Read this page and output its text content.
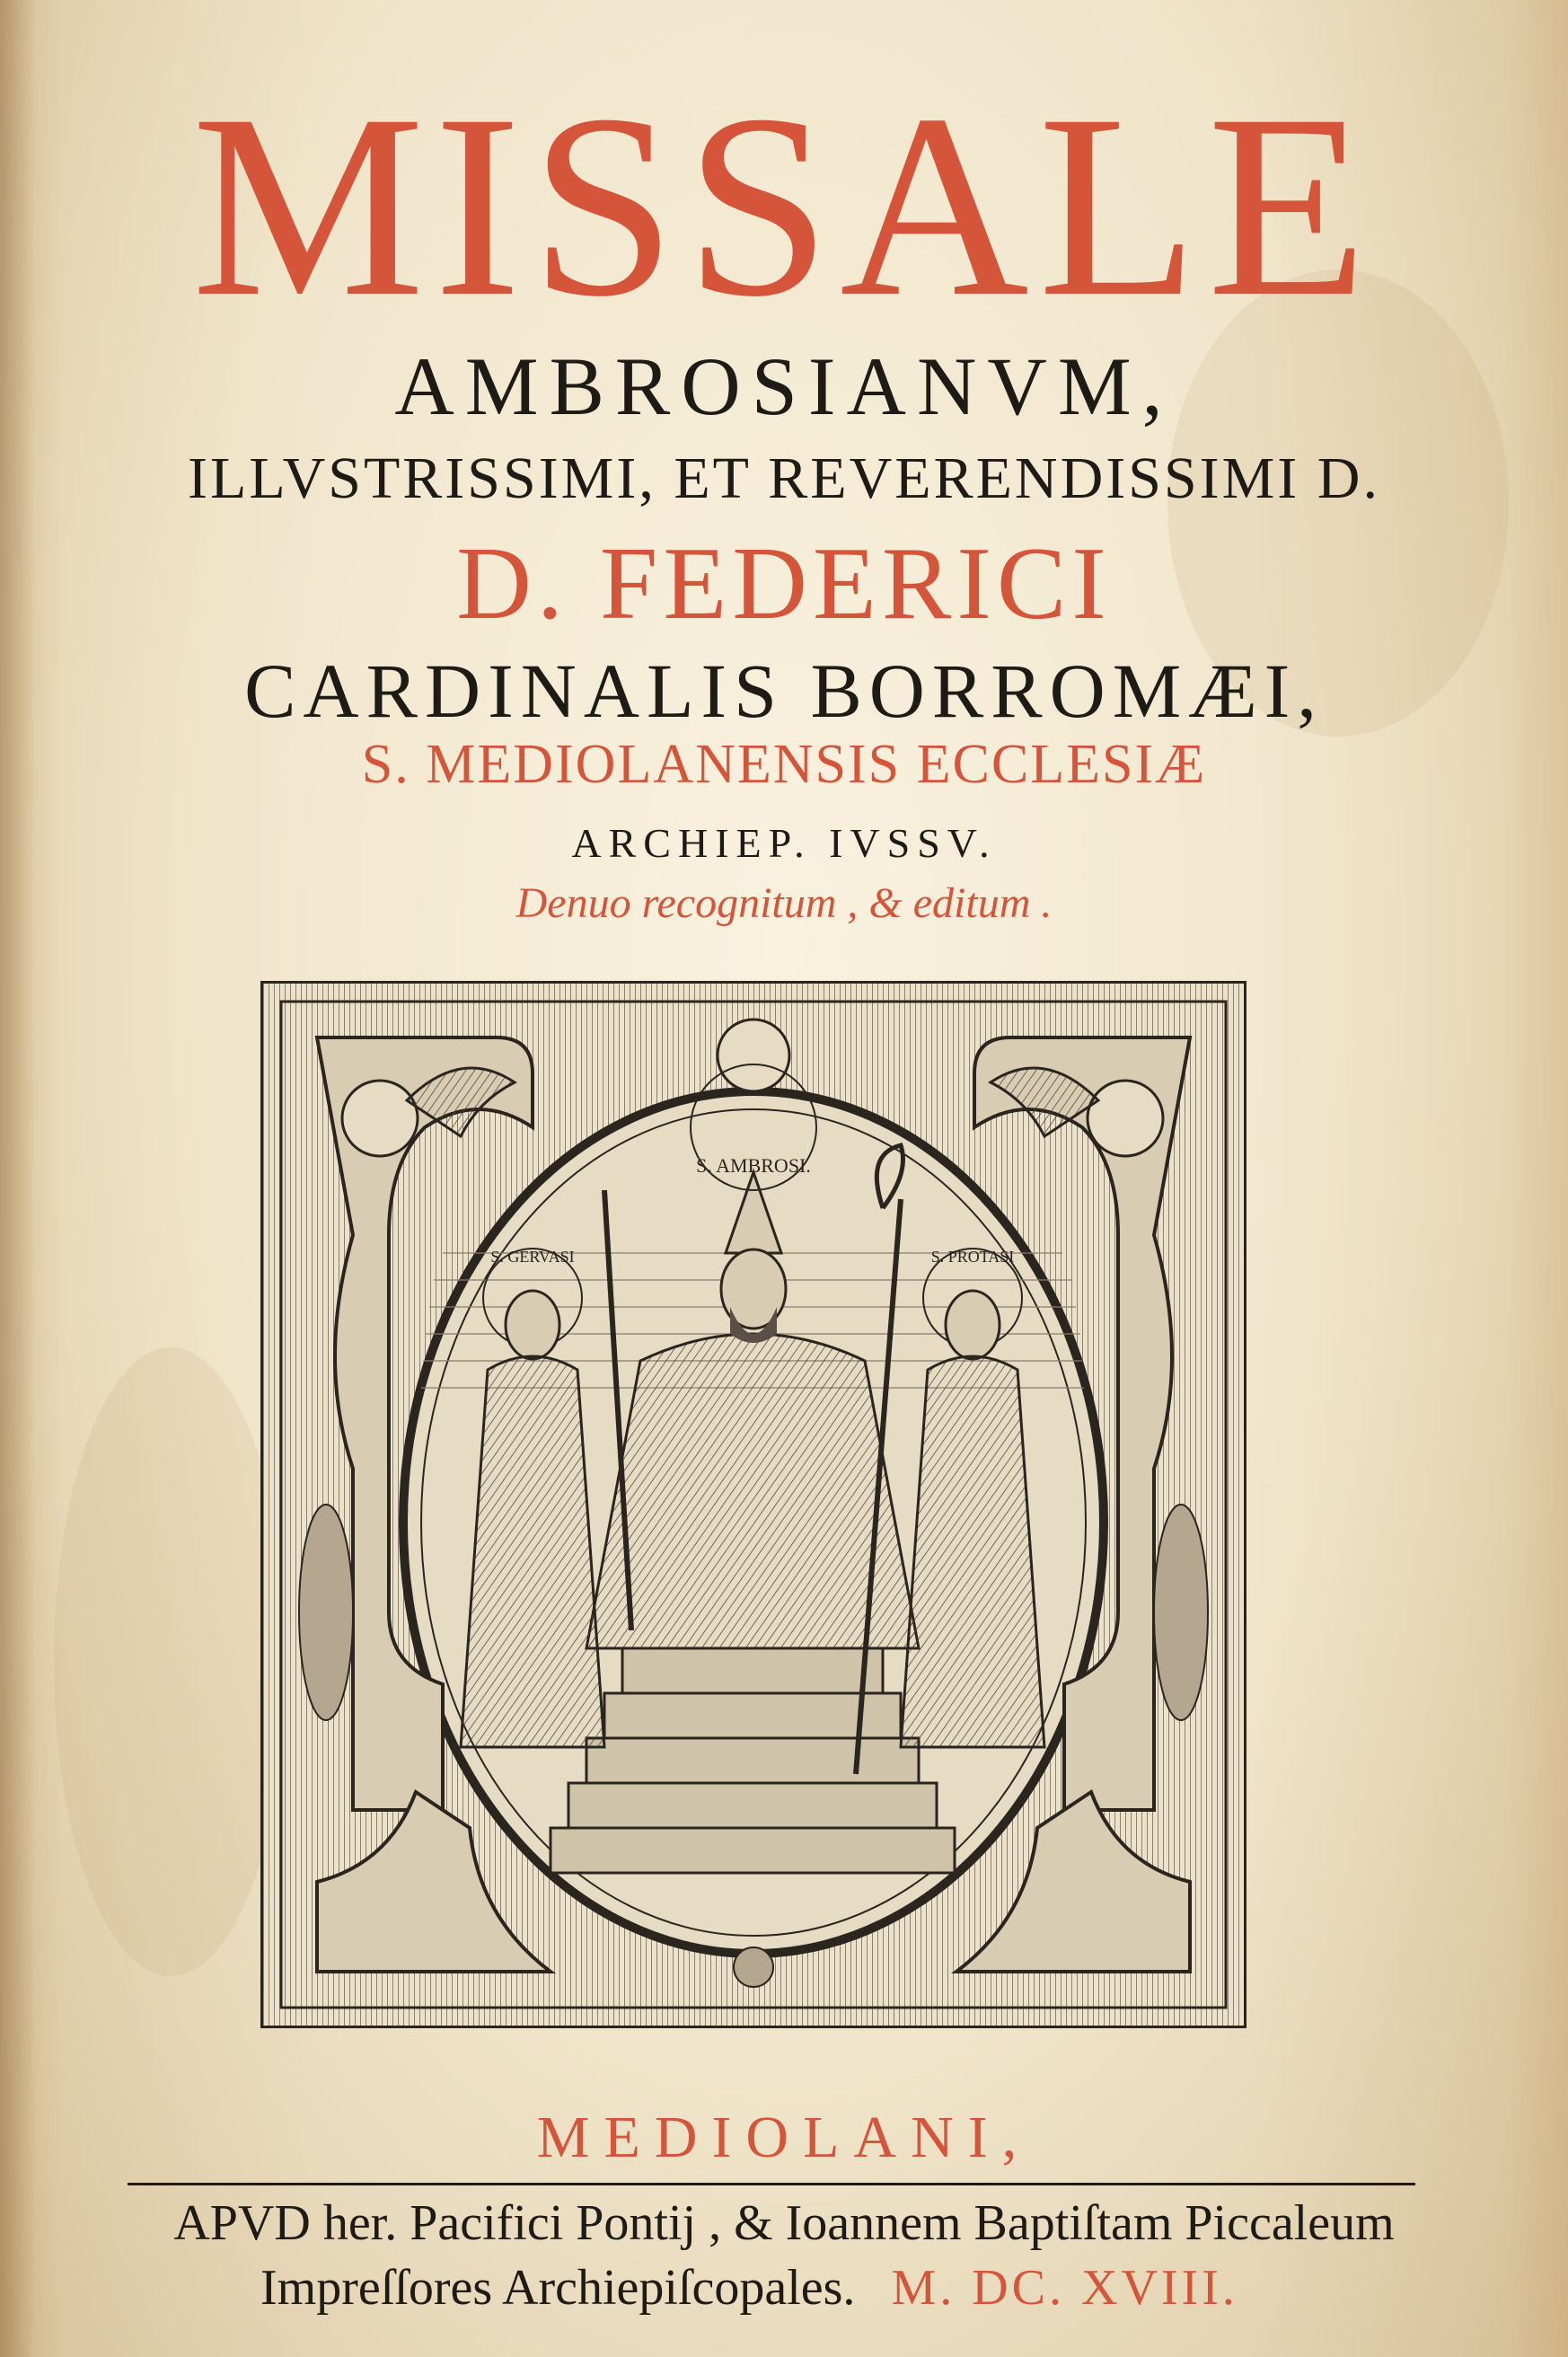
MISSALE
AMBROSIANVM,
ILLVSTRISSIMI, ET REVERENDISSIMI D.
D. FEDERICI
CARDINALIS BORROMÆI,
S. MEDIOLANENSIS ECCLESIÆ
ARCHIEP. IVSSV.
Denuo recognitum , & editum .
S. AMBROSI.
S. GERVASI	S. PROTASI
MEDIOLANI,
APVD her. Pacifici Pontij , & Ioannem Baptiſtam Piccaleum
Impreſſores Archiepiſcopales. M. DC. XVIII.
